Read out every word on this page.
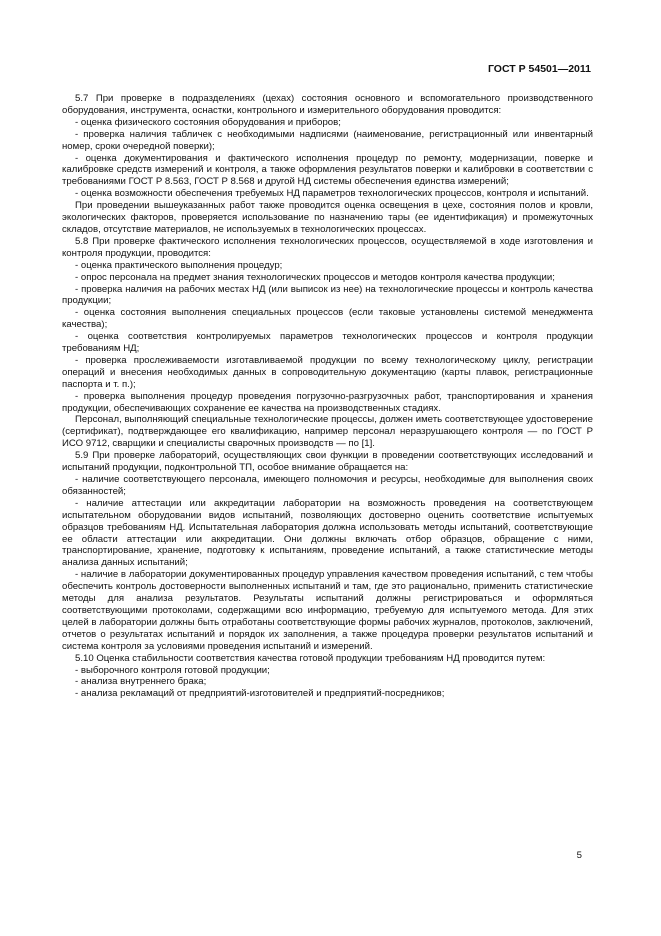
ГОСТ Р 54501—2011

5.7 При проверке в подразделениях (цехах) состояния основного и вспомогательного производственного оборудования, инструмента, оснастки, контрольного и измерительного оборудования проводится:

- оценка физического состояния оборудования и приборов;

- проверка наличия табличек с необходимыми надписями (наименование, регистрационный или инвентарный номер, сроки очередной поверки);

- оценка документирования и фактического исполнения процедур по ремонту, модернизации, поверке и калибровке средств измерений и контроля, а также оформления результатов поверки и калибровки в соответствии с требованиями ГОСТ Р 8.563, ГОСТ Р 8.568 и другой НД системы обеспечения единства измерений;

- оценка возможности обеспечения требуемых НД параметров технологических процессов, контроля и испытаний.

При проведении вышеуказанных работ также проводится оценка освещения в цехе, состояния полов и кровли, экологических факторов, проверяется использование по назначению тары (ее идентификация) и промежуточных складов, отсутствие материалов, не используемых в технологических процессах.

5.8 При проверке фактического исполнения технологических процессов, осуществляемой в ходе изготовления и контроля продукции, проводится:

- оценка практического выполнения процедур;

- опрос персонала на предмет знания технологических процессов и методов контроля качества продукции;

- проверка наличия на рабочих местах НД (или выписок из нее) на технологические процессы и контроль качества продукции;

- оценка состояния выполнения специальных процессов (если таковые установлены системой менеджмента качества);

- оценка соответствия контролируемых параметров технологических процессов и контроля продукции требованиям НД;

- проверка прослеживаемости изготавливаемой продукции по всему технологическому циклу, регистрации операций и внесения необходимых данных в сопроводительную документацию (карты плавок, регистрационные паспорта и т. п.);

- проверка выполнения процедур проведения погрузочно-разгрузочных работ, транспортирования и хранения продукции, обеспечивающих сохранение ее качества на производственных стадиях.

Персонал, выполняющий специальные технологические процессы, должен иметь соответствующее удостоверение (сертификат), подтверждающее его квалификацию, например персонал неразрушающего контроля — по ГОСТ Р ИСО 9712, сварщики и специалисты сварочных производств — по [1].

5.9 При проверке лабораторий, осуществляющих свои функции в проведении соответствующих исследований и испытаний продукции, подконтрольной ТП, особое внимание обращается на:

- наличие соответствующего персонала, имеющего полномочия и ресурсы, необходимые для выполнения своих обязанностей;

- наличие аттестации или аккредитации лаборатории на возможность проведения на соответствующем испытательном оборудовании видов испытаний, позволяющих достоверно оценить соответствие испытуемых образцов требованиям НД. Испытательная лаборатория должна использовать методы испытаний, соответствующие ее области аттестации или аккредитации. Они должны включать отбор образцов, обращение с ними, транспортирование, хранение, подготовку к испытаниям, проведение испытаний, а также статистические методы анализа данных испытаний;

- наличие в лаборатории документированных процедур управления качеством проведения испытаний, с тем чтобы обеспечить контроль достоверности выполненных испытаний и там, где это рационально, применить статистические методы для анализа результатов. Результаты испытаний должны регистрироваться и оформляться соответствующими протоколами, содержащими всю информацию, требуемую для испытуемого метода. Для этих целей в лаборатории должны быть отработаны соответствующие формы рабочих журналов, протоколов, заключений, отчетов о результатах испытаний и порядок их заполнения, а также процедура проверки результатов испытаний и система контроля за условиями проведения испытаний и измерений.

5.10 Оценка стабильности соответствия качества готовой продукции требованиям НД проводится путем:

- выборочного контроля готовой продукции;

- анализа внутреннего брака;

- анализа рекламаций от предприятий-изготовителей и предприятий-посредников;

5
